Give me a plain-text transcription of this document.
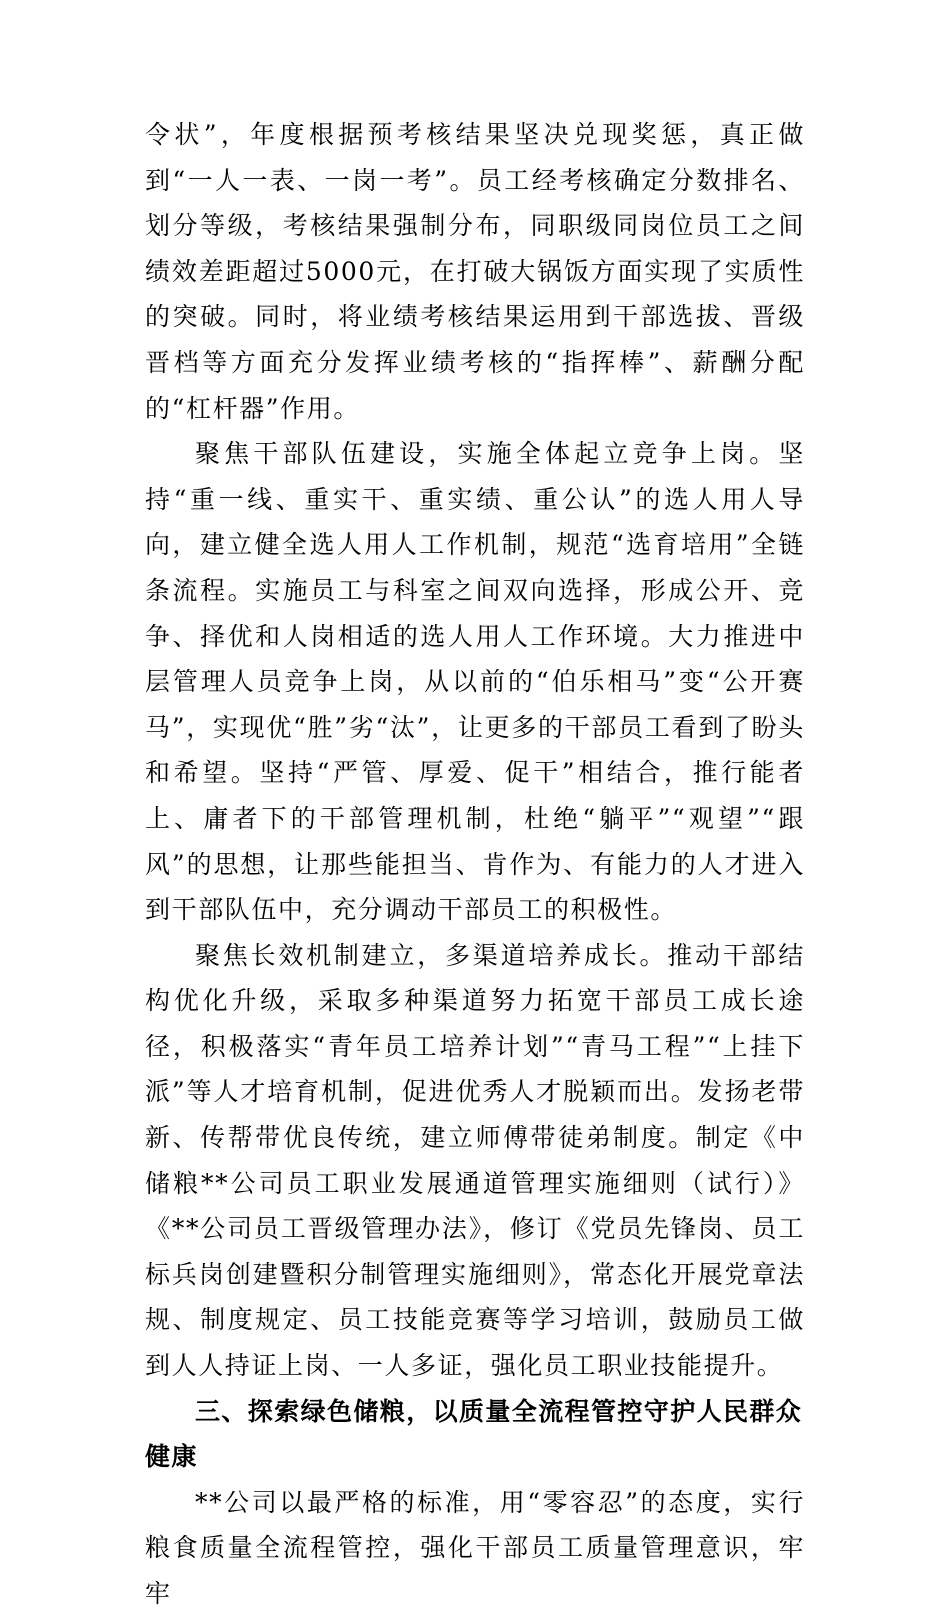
令状”，年度根据预考核结果坚决兑现奖惩，真正做到“一人一表、一岗一考”。员工经考核确定分数排名、划分等级，考核结果强制分布，同职级同岗位员工之间绩效差距超过5000元，在打破大锅饭方面实现了实质性的突破。同时，将业绩考核结果运用到干部选拔、晋级晋档等方面充分发挥业绩考核的“指挥棒”、薪酬分配的“杠杆器”作用。

聚焦干部队伍建设，实施全体起立竞争上岗。坚持“重一线、重实干、重实绩、重公认”的选人用人导向，建立健全选人用人工作机制，规范“选育培用”全链条流程。实施员工与科室之间双向选择，形成公开、竞争、择优和人岗相适的选人用人工作环境。大力推进中层管理人员竞争上岗，从以前的“伯乐相马”变“公开赛马”，实现优“胜”劣“汰”，让更多的干部员工看到了盼头和希望。坚持“严管、厚爱、促干”相结合，推行能者上、庸者下的干部管理机制，杜绝“躺平”“观望”“跟风”的思想，让那些能担当、肯作为、有能力的人才进入到干部队伍中，充分调动干部员工的积极性。

聚焦长效机制建立，多渠道培养成长。推动干部结构优化升级，采取多种渠道努力拓宽干部员工成长途径，积极落实“青年员工培养计划”“青马工程”“上挂下派”等人才培育机制，促进优秀人才脱颖而出。发扬老带新、传帮带优良传统，建立师傅带徒弟制度。制定《中储粮**公司员工职业发展通道管理实施细则（试行）》《**公司员工晋级管理办法》，修订《党员先锋岗、员工标兵岗创建暨积分制管理实施细则》，常态化开展党章法规、制度规定、员工技能竞赛等学习培训，鼓励员工做到人人持证上岗、一人多证，强化员工职业技能提升。

三、探索绿色储粮，以质量全流程管控守护人民群众健康

**公司以最严格的标准，用“零容忍”的态度，实行粮食质量全流程管控，强化干部员工质量管理意识，牢牢
